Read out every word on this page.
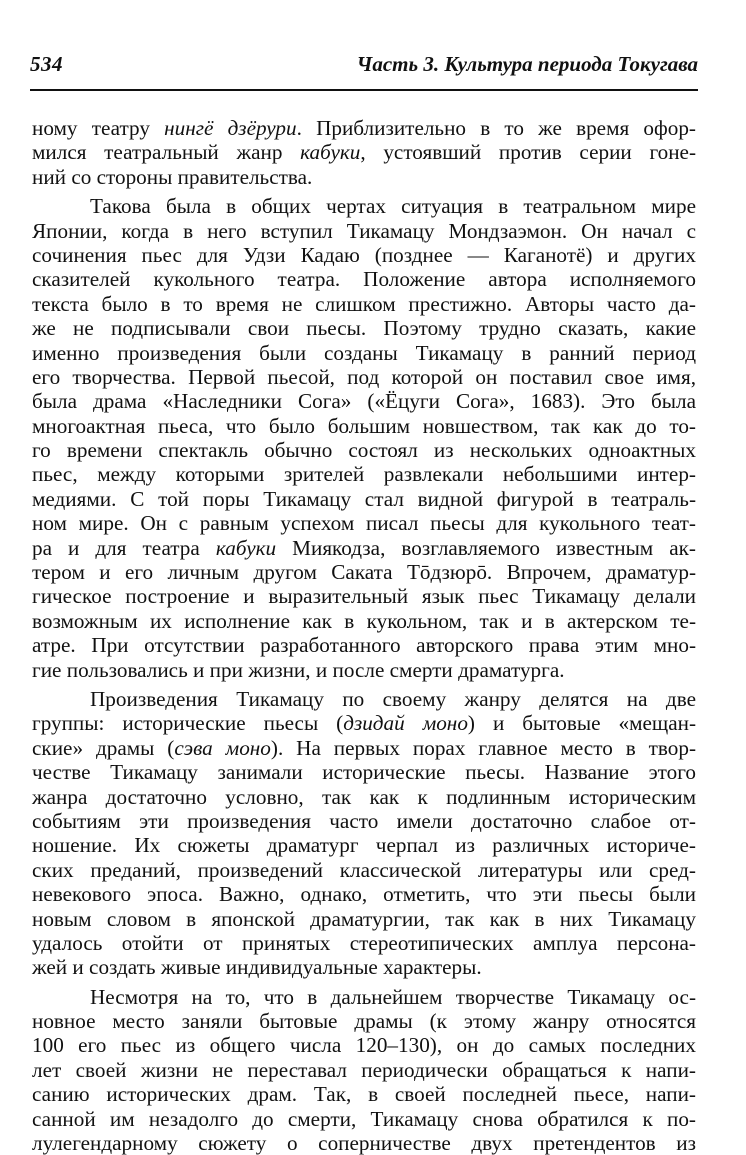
534	Часть 3. Культура периода Токугава
ному театру нингё дзёрури. Приблизительно в то же время офор-
мился театральный жанр кабуки, устоявший против серии гоне-
ний со стороны правительства.
Такова была в общих чертах ситуация в театральном мире
Японии, когда в него вступил Тикамацу Мондзаэмон. Он начал с
сочинения пьес для Удзи Кадаю (позднее — Каганотё) и других
сказителей кукольного театра. Положение автора исполняемого
текста было в то время не слишком престижно. Авторы часто да-
же не подписывали свои пьесы. Поэтому трудно сказать, какие
именно произведения были созданы Тикамацу в ранний период
его творчества. Первой пьесой, под которой он поставил свое имя,
была драма «Наследники Сога» («Ёцуги Сога», 1683). Это была
многоактная пьеса, что было большим новшеством, так как до то-
го времени спектакль обычно состоял из нескольких одноактных
пьес, между которыми зрителей развлекали небольшими интер-
медиями. С той поры Тикамацу стал видной фигурой в театраль-
ном мире. Он с равным успехом писал пьесы для кукольного теат-
ра и для театра кабуки Миякодза, возглавляемого известным ак-
тером и его личным другом Саката Тōдзюрō. Впрочем, драматур-
гическое построение и выразительный язык пьес Тикамацу делали
возможным их исполнение как в кукольном, так и в актерском те-
атре. При отсутствии разработанного авторского права этим мно-
гие пользовались и при жизни, и после смерти драматурга.
Произведения Тикамацу по своему жанру делятся на две
группы: исторические пьесы (дзидай моно) и бытовые «мещан-
ские» драмы (сэва моно). На первых порах главное место в твор-
честве Тикамацу занимали исторические пьесы. Название этого
жанра достаточно условно, так как к подлинным историческим
событиям эти произведения часто имели достаточно слабое от-
ношение. Их сюжеты драматург черпал из различных историче-
ских преданий, произведений классической литературы или сред-
невекового эпоса. Важно, однако, отметить, что эти пьесы были
новым словом в японской драматургии, так как в них Тикамацу
удалось отойти от принятых стереотипических амплуа персона-
жей и создать живые индивидуальные характеры.
Несмотря на то, что в дальнейшем творчестве Тикамацу ос-
новное место заняли бытовые драмы (к этому жанру относятся
100 его пьес из общего числа 120–130), он до самых последних
лет своей жизни не переставал периодически обращаться к напи-
санию исторических драм. Так, в своей последней пьесе, напи-
санной им незадолго до смерти, Тикамацу снова обратился к по-
лулегендарному сюжету о соперничестве двух претендентов из
